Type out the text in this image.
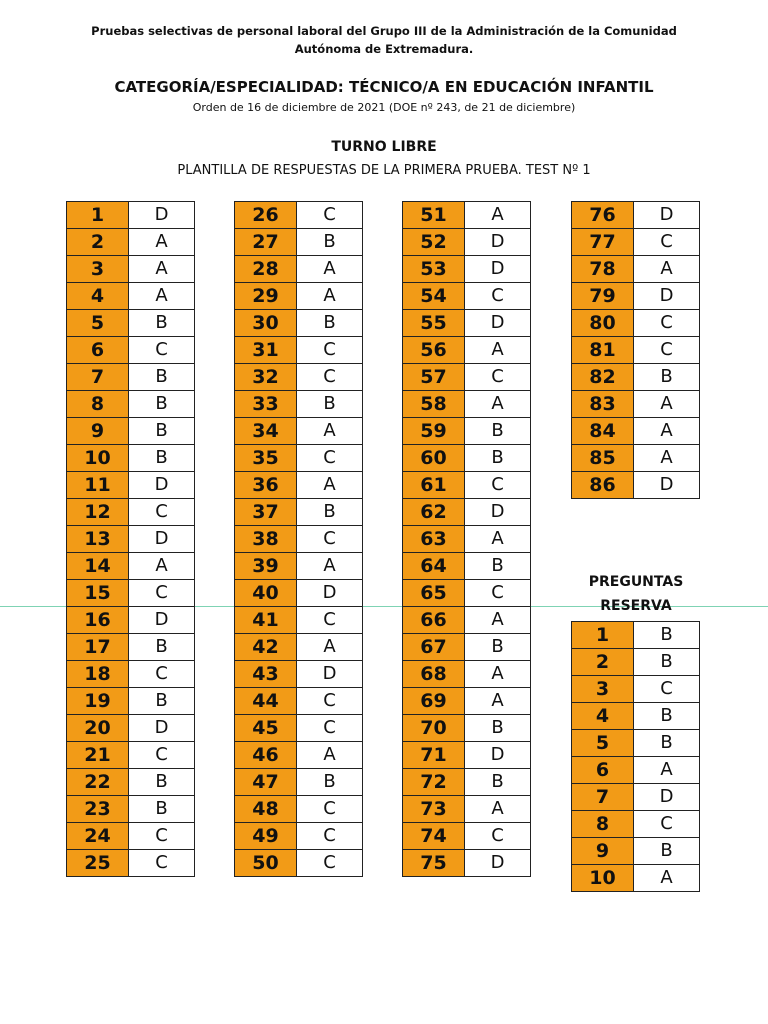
Pruebas selectivas de personal laboral del Grupo III de la Administración de la Comunidad Autónoma de Extremadura.
CATEGORÍA/ESPECIALIDAD: TÉCNICO/A EN EDUCACIÓN INFANTIL
Orden de 16 de diciembre de 2021 (DOE nº 243, de 21 de diciembre)
TURNO LIBRE
PLANTILLA DE RESPUESTAS DE LA PRIMERA PRUEBA. TEST Nº 1
1	D
2	A
3	A
4	A
5	B
6	C
7	B
8	B
9	B
10	B
11	D
12	C
13	D
14	A
15	C
16	D
17	B
18	C
19	B
20	D
21	C
22	B
23	B
24	C
25	C
26	C
27	B
28	A
29	A
30	B
31	C
32	C
33	B
34	A
35	C
36	A
37	B
38	C
39	A
40	D
41	C
42	A
43	D
44	C
45	C
46	A
47	B
48	C
49	C
50	C
51	A
52	D
53	D
54	C
55	D
56	A
57	C
58	A
59	B
60	B
61	C
62	D
63	A
64	B
65	C
66	A
67	B
68	A
69	A
70	B
71	D
72	B
73	A
74	C
75	D
76	D
77	C
78	A
79	D
80	C
81	C
82	B
83	A
84	A
85	A
86	D
PREGUNTAS RESERVA
1	B
2	B
3	C
4	B
5	B
6	A
7	D
8	C
9	B
10	A
